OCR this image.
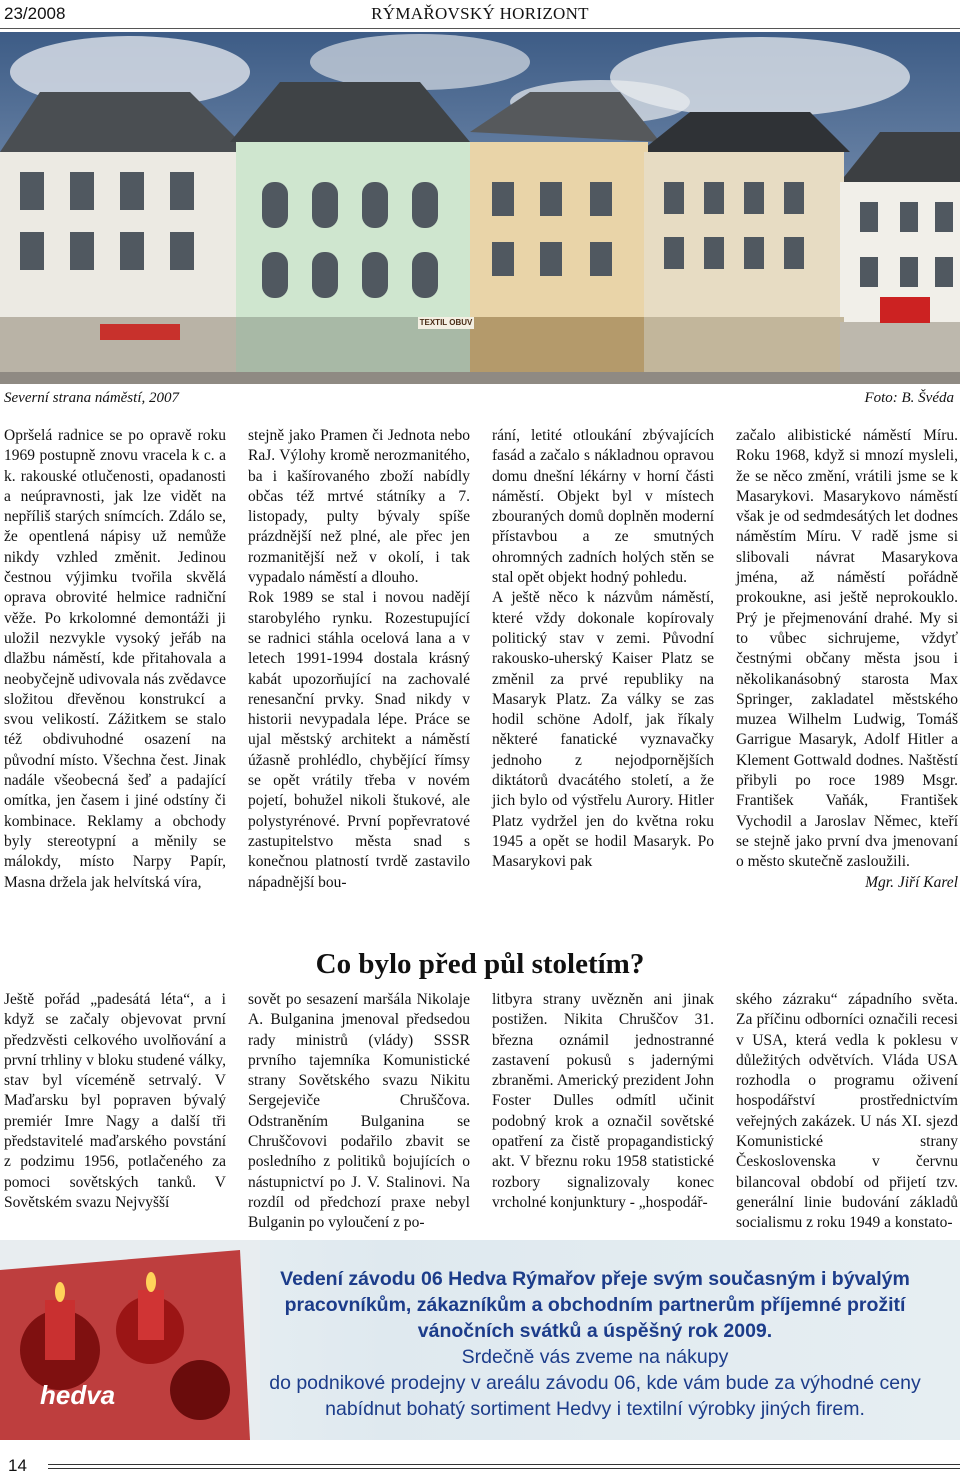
23/2008	RÝMAŘOVSKÝ HORIZONT
TEXTIL OBUV
Severní strana náměstí, 2007	Foto: B. Švéda

Opršelá radnice se po opravě roku 1969 postupně znovu vracela k c. a k. rakouské otlučenosti, opadanosti a neúpravnosti, jak lze vidět na nepříliš starých snímcích. Zdálo se, že opentlená nápisy už nemůže nikdy vzhled změnit. Jedinou čestnou výjimku tvořila skvělá oprava obrovité helmice radniční věže. Po krkolomné demontáži ji uložil nezvykle vysoký jeřáb na dlažbu náměstí, kde přitahovala a neobyčejně udivovala nás zvědavce složitou dřevěnou konstrukcí a svou velikostí. Zážitkem se stalo též obdivuhodné osazení na původní místo. Všechna čest. Jinak nadále všeobecná šeď a padající omítka, jen časem i jiné odstíny či kombinace. Reklamy a obchody byly stereotypní a měnily se málokdy, místo Narpy Papír, Masna držela jak helvítská víra,

stejně jako Pramen či Jednota nebo RaJ. Výlohy kromě nerozmanitého, ba i kašírovaného zboží nabídly občas též mrtvé státníky a 7. listopady, pulty bývaly spíše prázdnější než plné, ale přec jen rozmanitější než v okolí, i tak vypadalo náměstí a dlouho.

Rok 1989 se stal i novou nadějí starobylého rynku. Rozestupující se radnici stáhla ocelová lana a v letech 1991-1994 dostala krásný kabát upozorňující na zachovalé renesanční prvky. Snad nikdy v historii nevypadala lépe. Práce se ujal městský architekt a náměstí úžasně prohlédlo, chybějící římsy se opět vrátily třeba v novém pojetí, bohužel nikoli štukové, ale polystyrénové. První popřevratové zastupitelstvo města snad s konečnou platností tvrdě zastavilo nápadnější bou-

rání, letité otloukání zbývajících fasád a začalo s nákladnou opravou domu dnešní lékárny v horní části náměstí. Objekt byl v místech zbouraných domů doplněn moderní přístavbou a ze smutných ohromných zadních holých stěn se stal opět objekt hodný pohledu.

A ještě něco k názvům náměstí, které vždy dokonale kopírovaly politický stav v zemi. Původní rakousko-uherský Kaiser Platz se změnil za prvé republiky na Masaryk Platz. Za války se zas hodil schöne Adolf, jak říkaly některé fanatické vyznavačky jednoho z nejodpornějších diktátorů dvacátého století, a že jich bylo od výstřelu Aurory. Hitler Platz vydržel jen do května roku 1945 a opět se hodil Masaryk. Po Masarykovi pak

začalo alibistické náměstí Míru. Roku 1968, když si mnozí mysleli, že se něco změní, vrátili jsme se k Masarykovi. Masarykovo náměstí však je od sedmdesátých let dodnes náměstím Míru. V radě jsme si slibovali návrat Masarykova jména, až náměstí pořádně prokoukne, asi ještě neprokouklo. Prý je přejmenování drahé. My si to vůbec sichrujeme, vždyť čestnými občany města jsou i několikanásobný starosta Max Springer, zakladatel městského muzea Wilhelm Ludwig, Tomáš Garrigue Masaryk, Adolf Hitler a Klement Gottwald dodnes. Naštěstí přibyli po roce 1989 Msgr. František Vaňák, František Vychodil a Jaroslav Němec, kteří se stejně jako první dva jmenovaní o město skutečně zasloužili.
Mgr. Jiří Karel

Co bylo před půl stoletím?

Ještě pořád „padesátá léta“, a i když se začaly objevovat první předzvěsti celkového uvolňování a první trhliny v bloku studené války, stav byl víceméně setrvalý. V Maďarsku byl popraven bývalý premiér Imre Nagy a další tři představitelé maďarského povstání z podzimu 1956, potlačeného za pomoci sovětských tanků. V Sovětském svazu Nejvyšší

sovět po sesazení maršála Nikolaje A. Bulganina jmenoval předsedou rady ministrů (vlády) SSSR prvního tajemníka Komunistické strany Sovětského svazu Nikitu Sergejeviče Chruščova. Odstraněním Bulganina se Chruščovovi podařilo zbavit se posledního z politiků bojujících o nástupnictví po J. V. Stalinovi. Na rozdíl od předchozí praxe nebyl Bulganin po vyloučení z po-

litbyra strany uvězněn ani jinak postižen. Nikita Chruščov 31. března oznámil jednostranné zastavení pokusů s jadernými zbraněmi. Americký prezident John Foster Dulles odmítl učinit podobný krok a označil sovětské opatření za čistě propagandistický akt. V březnu roku 1958 statistické rozbory signalizovaly konec vrcholné konjunktury - „hospodář-

ského zázraku“ západního světa. Za příčinu odborníci označili recesi v USA, která vedla k poklesu v důležitých odvětvích. Vláda USA rozhodla o programu oživení hospodářství prostřednictvím veřejných zakázek. U nás XI. sjezd Komunistické strany Československa v červnu bilancoval období od přijetí tzv. generální linie budování základů socialismu z roku 1949 a konstato-

hedva
Vedení závodu 06 Hedva Rýmařov přeje svým současným i bývalým
pracovníkům, zákazníkům a obchodním partnerům příjemné prožití
vánočních svátků a úspěšný rok 2009.
Srdečně vás zveme na nákupy
do podnikové prodejny v areálu závodu 06, kde vám bude za výhodné ceny
nabídnut bohatý sortiment Hedvy i textilní výrobky jiných firem.
14
